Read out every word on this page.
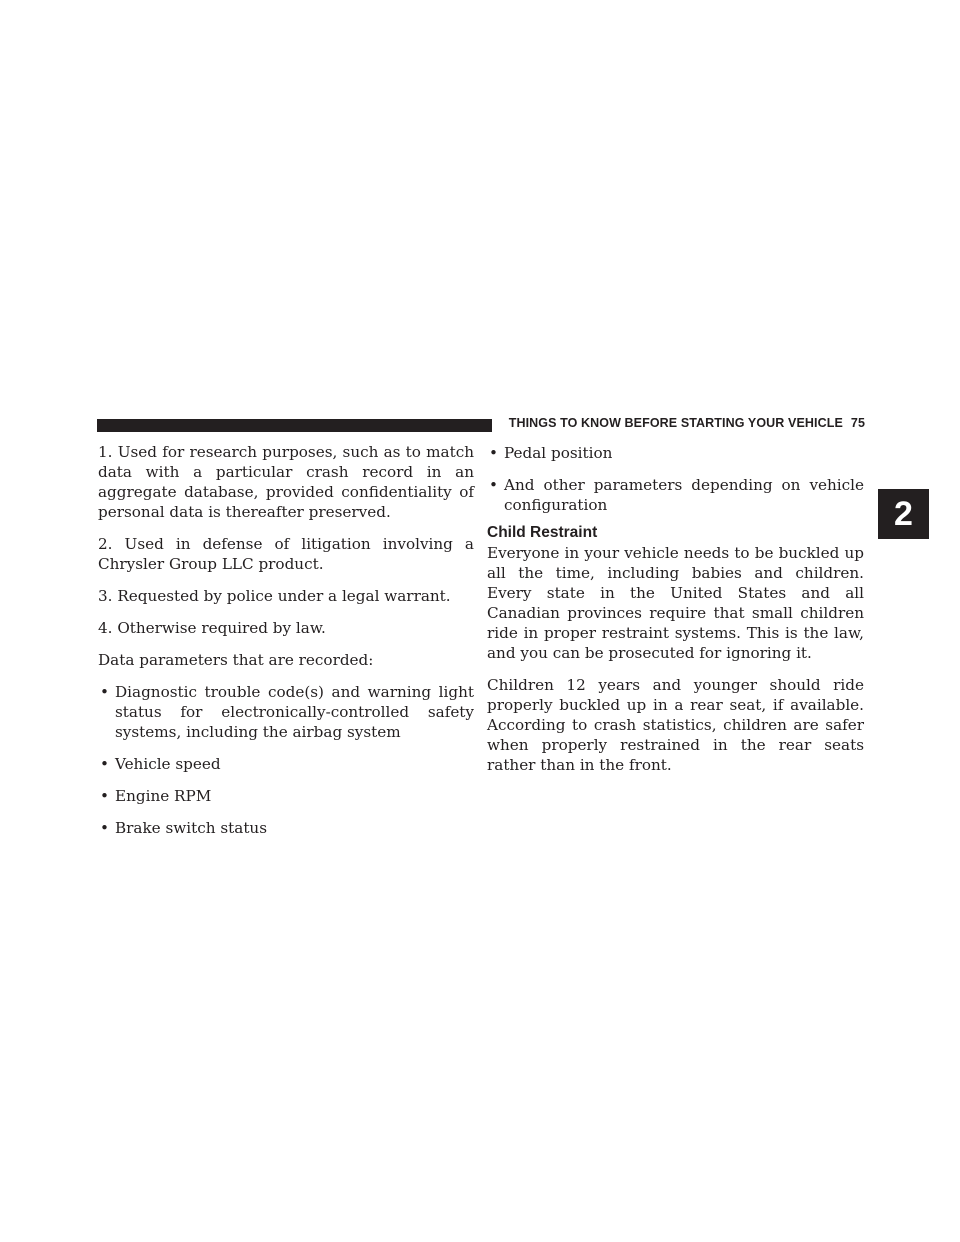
THINGS TO KNOW BEFORE STARTING YOUR VEHICLE 75
2

1. Used for research purposes, such as to match data with a particular crash record in an aggregate database, provided confidentiality of personal data is thereafter preserved.

2. Used in defense of litigation involving a Chrysler Group LLC product.

3. Requested by police under a legal warrant.

4. Otherwise required by law.

Data parameters that are recorded:

• Diagnostic trouble code(s) and warning light status for electronically-controlled safety systems, including the airbag system
• Vehicle speed
• Engine RPM
• Brake switch status
• Pedal position
• And other parameters depending on vehicle configuration
Child Restraint

Everyone in your vehicle needs to be buckled up all the time, including babies and children. Every state in the United States and all Canadian provinces require that small children ride in proper restraint systems. This is the law, and you can be prosecuted for ignoring it.

Children 12 years and younger should ride properly buckled up in a rear seat, if available. According to crash statistics, children are safer when properly restrained in the rear seats rather than in the front.
